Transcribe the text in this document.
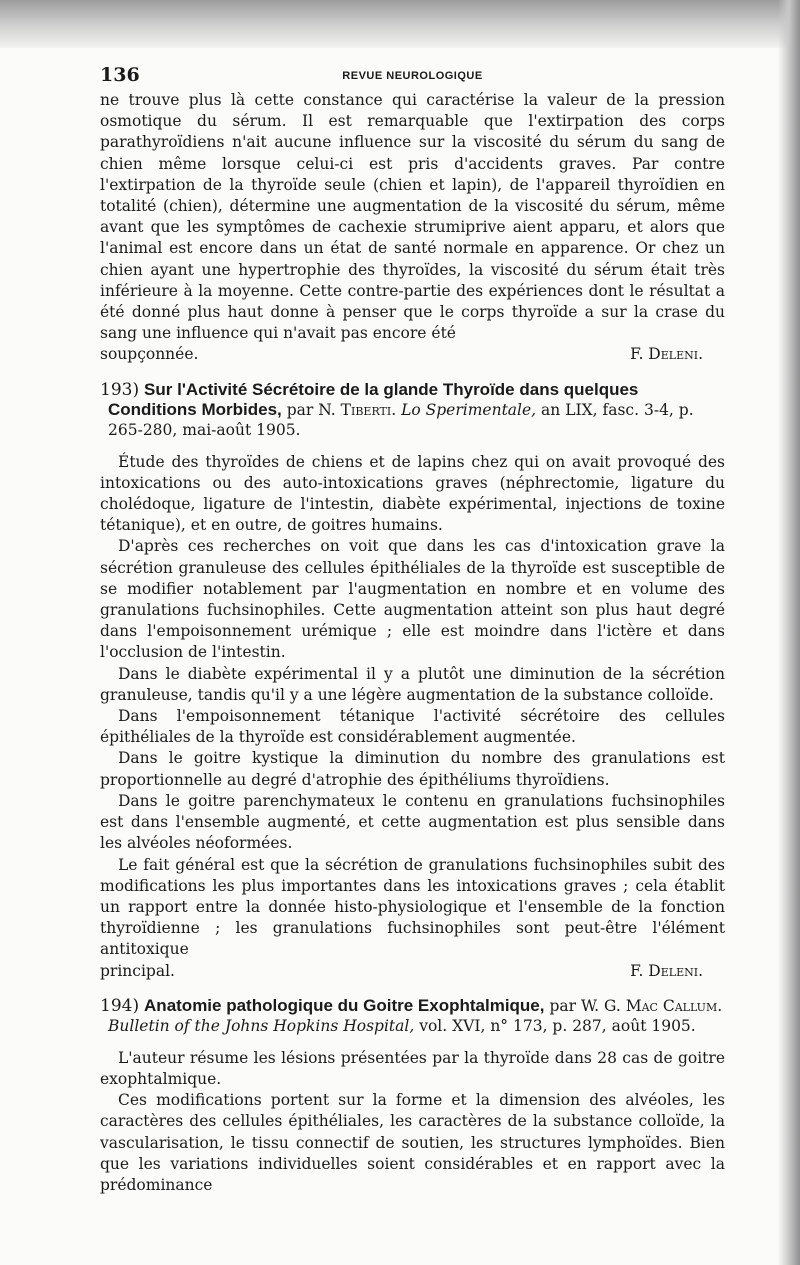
136	REVUE NEUROLOGIQUE

ne trouve plus là cette constance qui caractérise la valeur de la pression osmotique du sérum. Il est remarquable que l'extirpation des corps parathyroïdiens n'ait aucune influence sur la viscosité du sérum du sang de chien même lorsque celui-ci est pris d'accidents graves. Par contre l'extirpation de la thyroïde seule (chien et lapin), de l'appareil thyroïdien en totalité (chien), détermine une augmentation de la viscosité du sérum, même avant que les symptômes de cachexie strumiprive aient apparu, et alors que l'animal est encore dans un état de santé normale en apparence. Or chez un chien ayant une hypertrophie des thyroïdes, la viscosité du sérum était très inférieure à la moyenne. Cette contre-partie des expériences dont le résultat a été donné plus haut donne à penser que le corps thyroïde a sur la crase du sang une influence qui n'avait pas encore été

soupçonnée.	F. Deleni.
193) Sur l'Activité Sécrétoire de la glande Thyroïde dans quelques Conditions Morbides, par N. Tiberti. Lo Sperimentale, an LIX, fasc. 3-4, p. 265-280, mai-août 1905.

Étude des thyroïdes de chiens et de lapins chez qui on avait provoqué des intoxications ou des auto-intoxications graves (néphrectomie, ligature du cholédoque, ligature de l'intestin, diabète expérimental, injections de toxine tétanique), et en outre, de goitres humains.

D'après ces recherches on voit que dans les cas d'intoxication grave la sécrétion granuleuse des cellules épithéliales de la thyroïde est susceptible de se modifier notablement par l'augmentation en nombre et en volume des granulations fuchsinophiles. Cette augmentation atteint son plus haut degré dans l'empoisonnement urémique ; elle est moindre dans l'ictère et dans l'occlusion de l'intestin.

Dans le diabète expérimental il y a plutôt une diminution de la sécrétion granuleuse, tandis qu'il y a une légère augmentation de la substance colloïde.

Dans l'empoisonnement tétanique l'activité sécrétoire des cellules épithéliales de la thyroïde est considérablement augmentée.

Dans le goitre kystique la diminution du nombre des granulations est proportionnelle au degré d'atrophie des épithéliums thyroïdiens.

Dans le goitre parenchymateux le contenu en granulations fuchsinophiles est dans l'ensemble augmenté, et cette augmentation est plus sensible dans les alvéoles néoformées.

Le fait général est que la sécrétion de granulations fuchsinophiles subit des modifications les plus importantes dans les intoxications graves ; cela établit un rapport entre la donnée histo-physiologique et l'ensemble de la fonction thyroïdienne ; les granulations fuchsinophiles sont peut-être l'élément antitoxique

principal.	F. Deleni.
194) Anatomie pathologique du Goitre Exophtalmique, par W. G. Mac Callum. Bulletin of the Johns Hopkins Hospital, vol. XVI, n° 173, p. 287, août 1905.

L'auteur résume les lésions présentées par la thyroïde dans 28 cas de goitre exophtalmique.

Ces modifications portent sur la forme et la dimension des alvéoles, les caractères des cellules épithéliales, les caractères de la substance colloïde, la vascularisation, le tissu connectif de soutien, les structures lymphoïdes. Bien que les variations individuelles soient considérables et en rapport avec la prédominance
